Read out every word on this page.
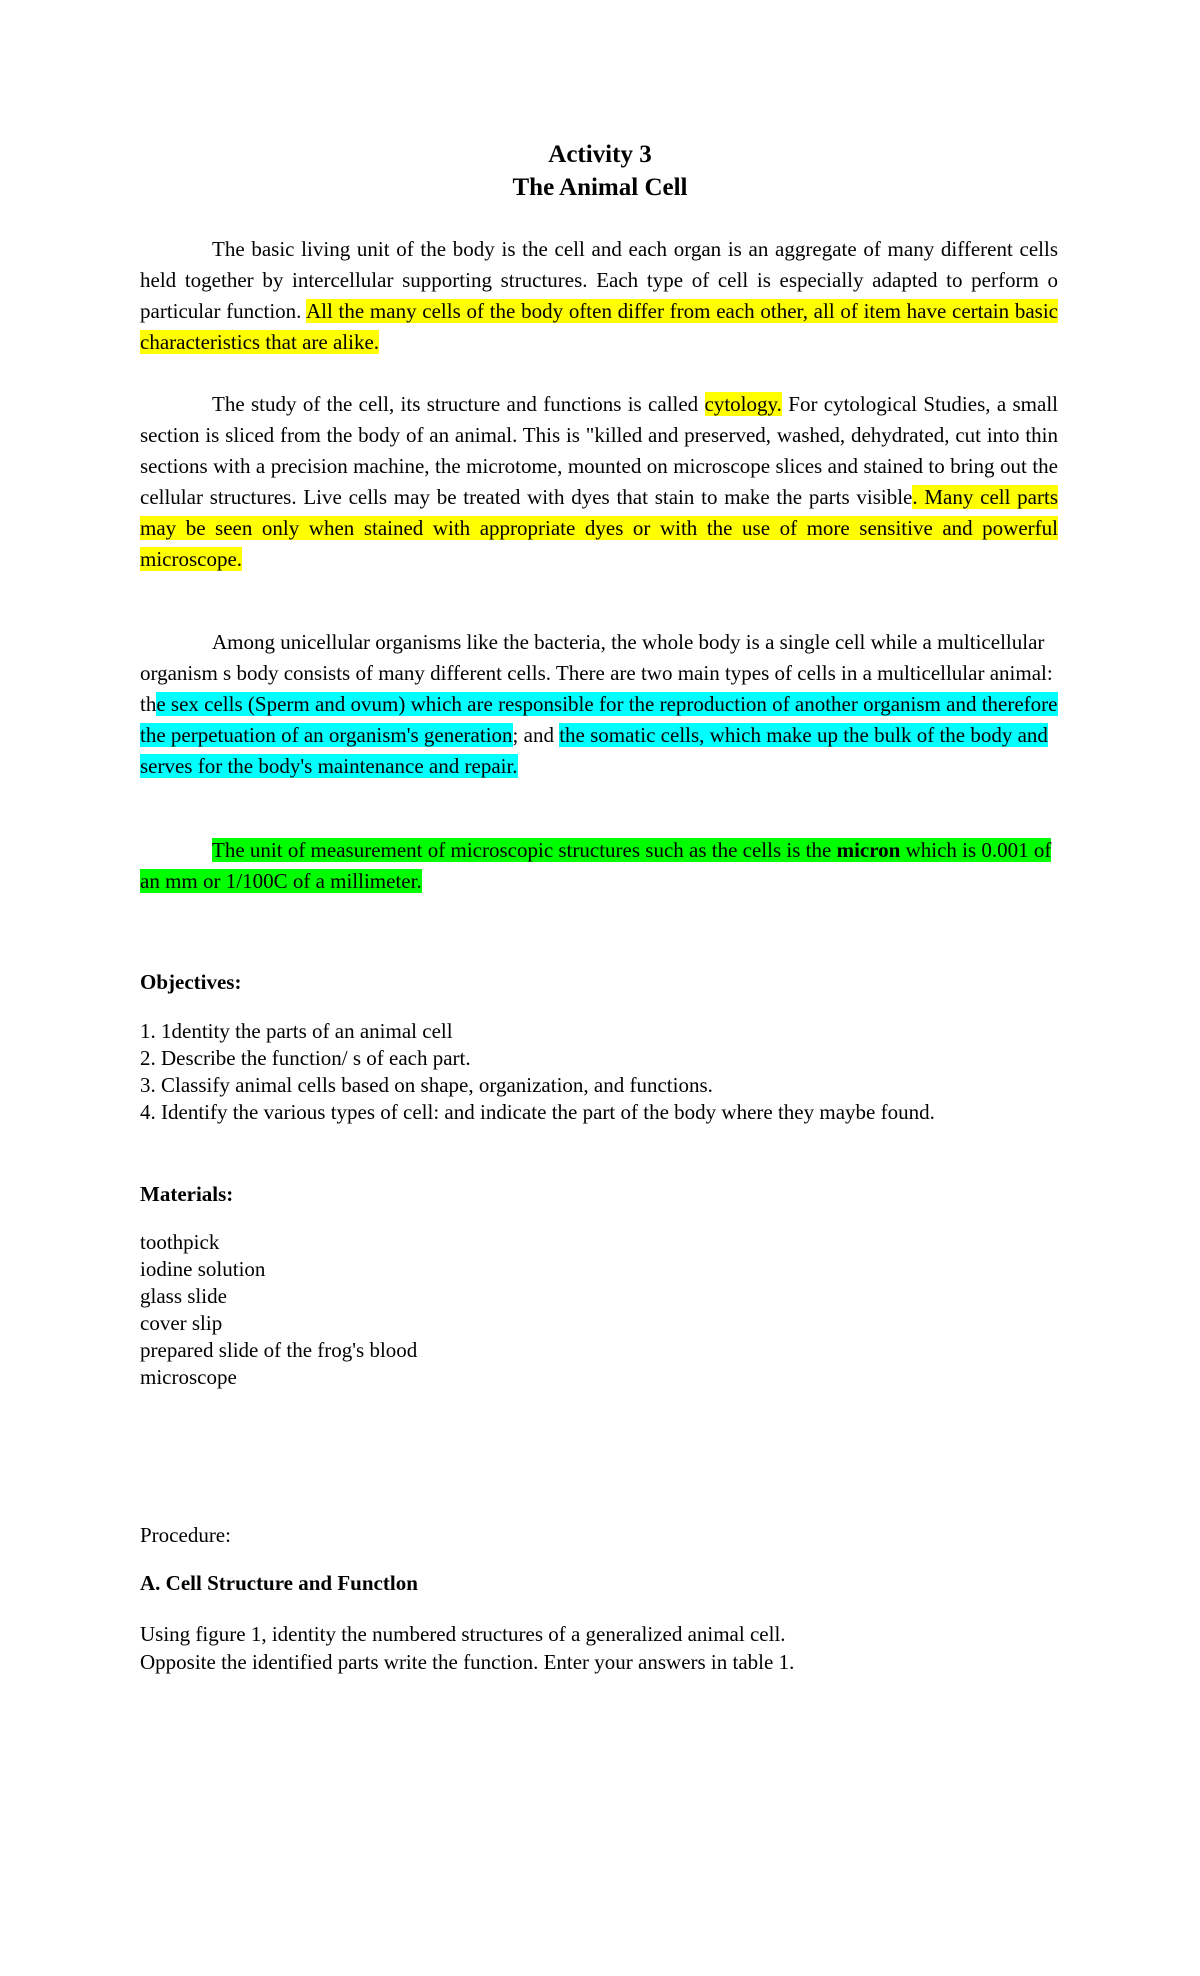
Activity 3
The Animal Cell
The basic living unit of the body is the cell and each organ is an aggregate of many different cells held together by intercellular supporting structures. Each type of cell is especially adapted to perform o particular function. All the many cells of the body often differ from each other, all of item have certain basic characteristics that are alike.
The study of the cell, its structure and functions is called cytology. For cytological Studies, a small section is sliced from the body of an animal. This is "killed and preserved, washed, dehydrated, cut into thin sections with a precision machine, the microtome, mounted on microscope slices and stained to bring out the cellular structures. Live cells may be treated with dyes that stain to make the parts visible. Many cell parts may be seen only when stained with appropriate dyes or with the use of more sensitive and powerful microscope.
Among unicellular organisms like the bacteria, the whole body is a single cell while a multicellular organism s body consists of many different cells. There are two main types of cells in a multicellular animal: the sex cells (Sperm and ovum) which are responsible for the reproduction of another organism and therefore the perpetuation of an organism's generation; and the somatic cells, which make up the bulk of the body and serves for the body's maintenance and repair.
The unit of measurement of microscopic structures such as the cells is the micron which is 0.001 of an mm or 1/100C of a millimeter.
Objectives:
1. 1dentity the parts of an animal cell
2. Describe the function/ s of each part.
3. Classify animal cells based on shape, organization, and functions.
4. Identify the various types of cell: and indicate the part of the body where they maybe found.
Materials:
toothpick
iodine solution
glass slide
cover slip
prepared slide of the frog's blood
microscope
Procedure:
A. Cell Structure and Functlon
Using figure 1, identity the numbered structures of a generalized animal cell.
Opposite the identified parts write the function. Enter your answers in table 1.
